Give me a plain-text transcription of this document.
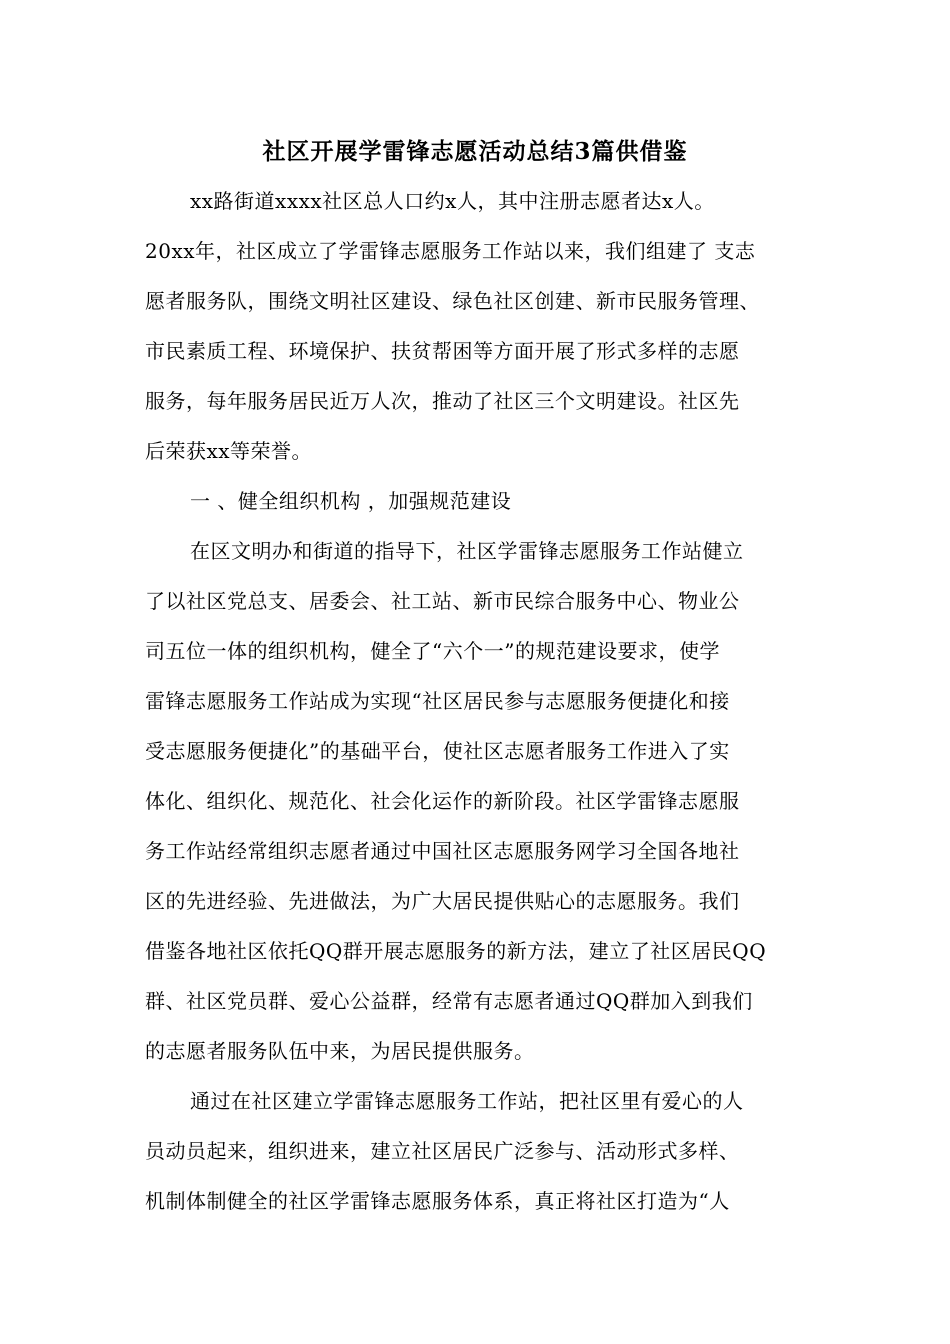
社区开展学雷锋志愿活动总结3篇供借鉴
xx路街道xxxx社区总人口约x人，其中注册志愿者达x人。
20xx年，社区成立了学雷锋志愿服务工作站以来，我们组建了 支志
愿者服务队，围绕文明社区建设、绿色社区创建、新市民服务管理、
市民素质工程、环境保护、扶贫帮困等方面开展了形式多样的志愿
服务，每年服务居民近万人次，推动了社区三个文明建设。社区先
后荣获xx等荣誉。
一 、健全组织机构 ，加强规范建设
在区文明办和街道的指导下，社区学雷锋志愿服务工作站健立
了以社区党总支、居委会、社工站、新市民综合服务中心、物业公
司五位一体的组织机构，健全了“六个一”的规范建设要求，使学
雷锋志愿服务工作站成为实现“社区居民参与志愿服务便捷化和接
受志愿服务便捷化”的基础平台，使社区志愿者服务工作进入了实
体化、组织化、规范化、社会化运作的新阶段。社区学雷锋志愿服
务工作站经常组织志愿者通过中国社区志愿服务网学习全国各地社
区的先进经验、先进做法，为广大居民提供贴心的志愿服务。我们
借鉴各地社区依托QQ群开展志愿服务的新方法，建立了社区居民QQ
群、社区党员群、爱心公益群，经常有志愿者通过QQ群加入到我们
的志愿者服务队伍中来，为居民提供服务。
通过在社区建立学雷锋志愿服务工作站，把社区里有爱心的人
员动员起来，组织进来，建立社区居民广泛参与、活动形式多样、
机制体制健全的社区学雷锋志愿服务体系，真正将社区打造为“人
